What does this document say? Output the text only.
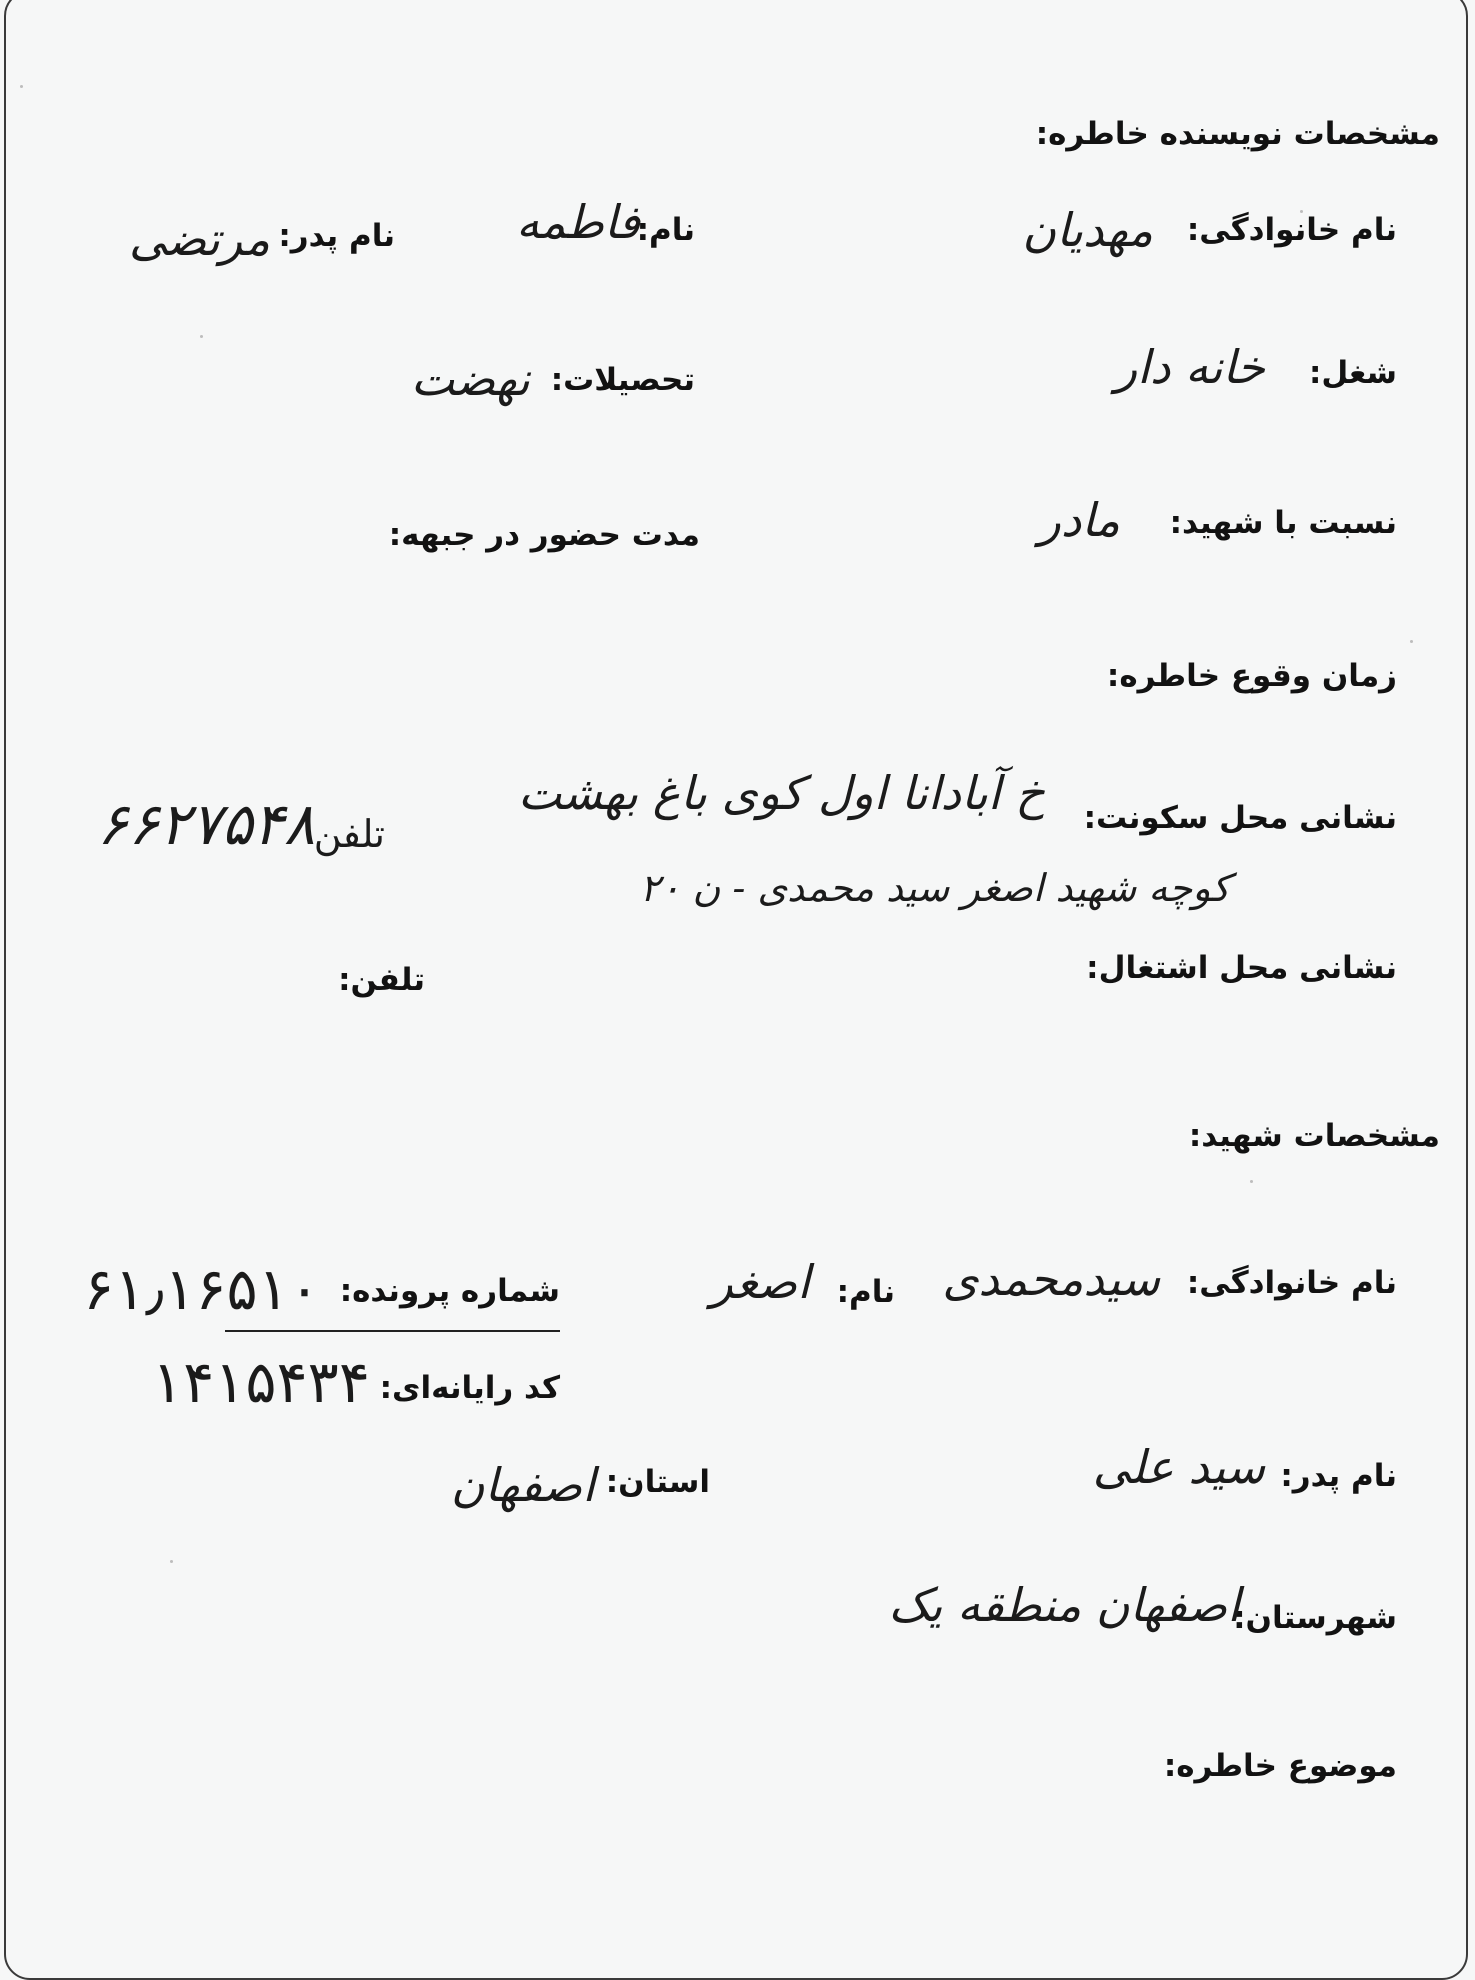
مشخصات نویسنده خاطره:
نام خانوادگی:
مهدیان
نام:
فاطمه
نام پدر:
مرتضی
شغل:
خانه دار
تحصیلات:
نهضت
نسبت با شهید:
مادر
مدت حضور در جبهه:
زمان وقوع خاطره:
نشانی محل سکونت:
خ آبادانا اول کوی باغ بهشت
تلفن
۶۶۲۷۵۴۸
کوچه شهید اصغر سید محمدی - ن ۲۰
نشانی محل اشتغال:
تلفن:
مشخصات شهید:
نام خانوادگی:
سیدمحمدی
نام:
اصغر
شماره پرونده:
۶۱٫۱۶۵۱۰
کد رایانه‌ای:
۱۴۱۵۴۳۴
نام پدر:
سید علی
استان:
اصفهان
شهرستان:
اصفهان منطقه یک
موضوع خاطره:
